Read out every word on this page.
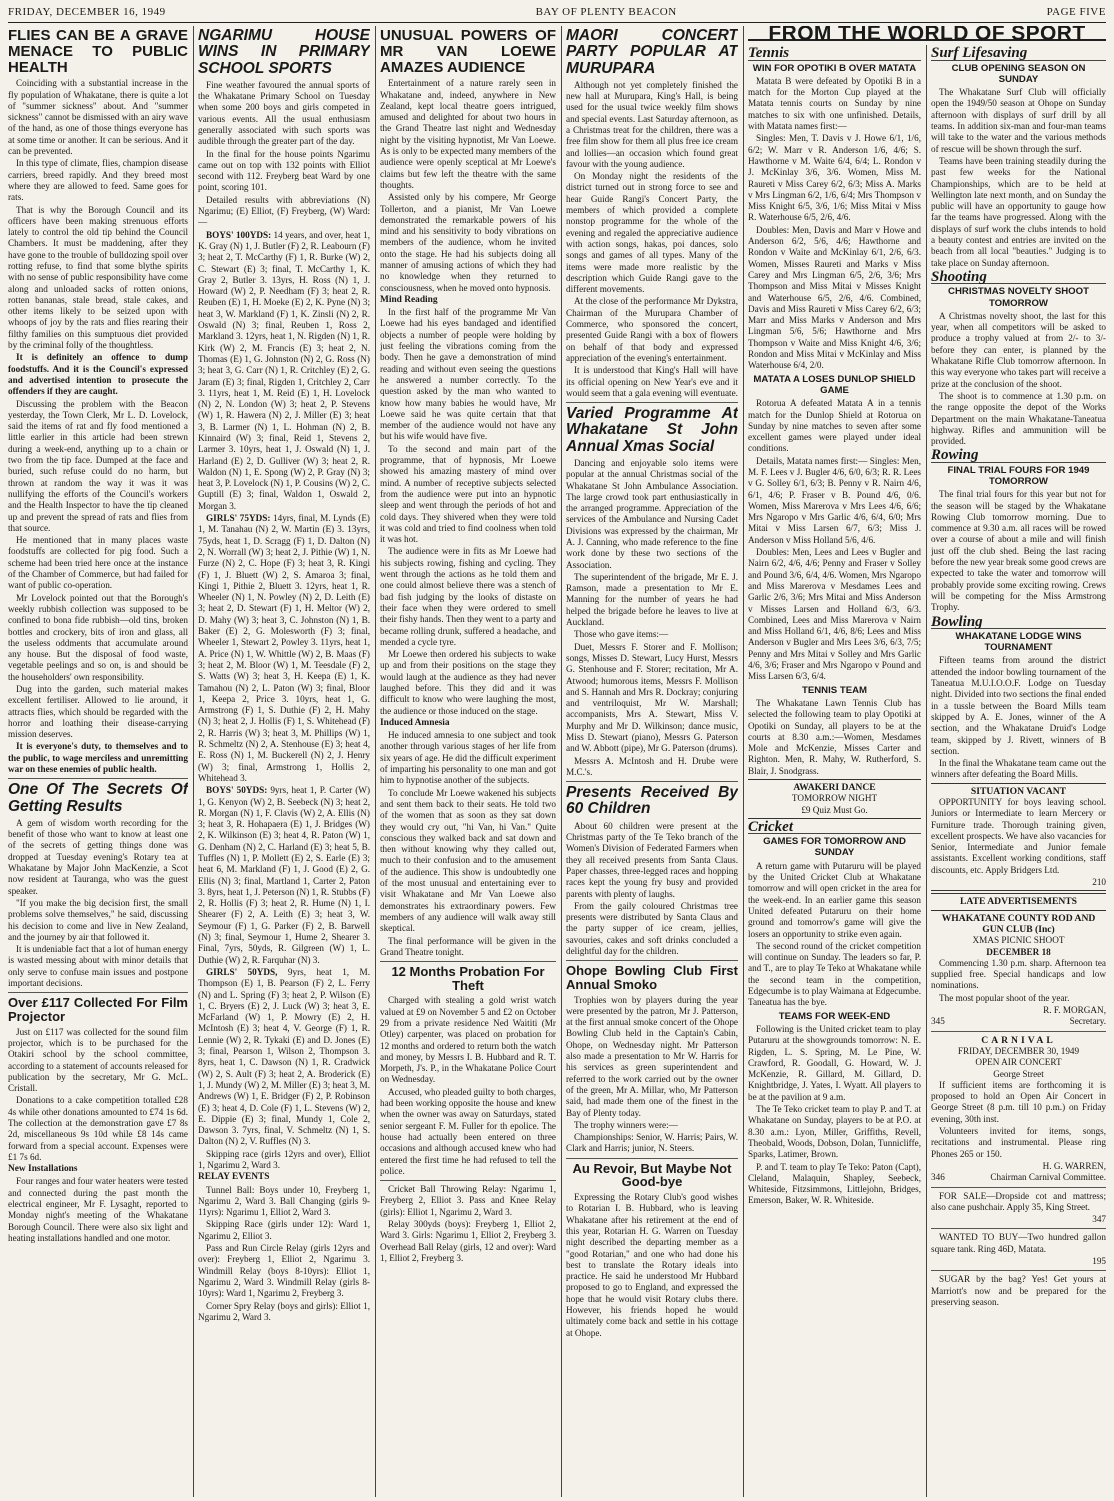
FRIDAY, DECEMBER 16, 1949	BAY OF PLENTY BEACON	PAGE FIVE
FLIES CAN BE A GRAVE MENACE TO PUBLIC HEALTH

Coinciding with a substantial increase in the fly population of Whakatane, there is quite a lot of "summer sickness" about. And "summer sickness" cannot be dismissed with an airy wave of the hand, as one of those things everyone has at some time or another. It can be serious. And it can be prevented.

In this type of climate, flies, champion disease carriers, breed rapidly. And they breed most where they are allowed to feed. Same goes for rats.

That is why the Borough Council and its officers have been making strenuous efforts lately to control the old tip behind the Council Chambers. It must be maddening, after they have gone to the trouble of bulldozing spoil over rotting refuse, to find that some blythe spirits with no sense of public responsibility have come along and unloaded sacks of rotten onions, rotten bananas, stale bread, stale cakes, and other items likely to be seized upon with whoops of joy by the rats and flies rearing their filthy families on this sumptuous diet provided by the criminal folly of the thoughtless.

It is definitely an offence to dump foodstuffs. And it is the Council's expressed and advertised intention to prosecute the offenders if they are caught.

Discussing the problem with the Beacon yesterday, the Town Clerk, Mr L. D. Lovelock, said the items of rat and fly food mentioned a little earlier in this article had been strewn during a week-end, anything up to a chain or two from the tip face. Dumped at the face and buried, such refuse could do no harm, but thrown at random the way it was it was nullifying the efforts of the Council's workers and the Health Inspector to have the tip cleaned up and prevent the spread of rats and flies from that source.

He mentioned that in many places waste foodstuffs are collected for pig food. Such a scheme had been tried here once at the instance of the Chamber of Commerce, but had failed for want of public co-operation.

Mr Lovelock pointed out that the Borough's weekly rubbish collection was supposed to be confined to bona fide rubbish—old tins, broken bottles and crockery, bits of iron and glass, all the useless oddments that accumulate around any house. But the disposal of food waste, vegetable peelings and so on, is and should be the householders' own responsibility.

Dug into the garden, such material makes excellent fertiliser. Allowed to lie around, it attracts flies, which should be regarded with the horror and loathing their disease-carrying mission deserves.

It is everyone's duty, to themselves and to the public, to wage merciless and unremitting war on these enemies of public health.

One Of The Secrets Of Getting Results

A gem of wisdom worth recording for the benefit of those who want to know at least one of the secrets of getting things done was dropped at Tuesday evening's Rotary tea at Whakatane by Major John MacKenzie, a Scot now resident at Tauranga, who was the guest speaker.

"If you make the big decision first, the small problems solve themselves," he said, discussing his decision to come and live in New Zealand, and the journey by air that followed it.

It is undeniable fact that a lot of human energy is wasted messing about with minor details that only serve to confuse main issues and postpone important decisions.

Over £117 Collected For Film Projector

Just on £117 was collected for the sound film projector, which is to be purchased for the Otakiri school by the school committee, according to a statement of accounts released for publication by the secretary, Mr G. McL. Cristall.

Donations to a cake competition totalled £28 4s while other donations amounted to £74 1s 6d. The collection at the demonstration gave £7 8s 2d, miscellaneous 9s 10d while £8 14s came forward from a special account. Expenses were £1 7s 6d.

New Installations

Four ranges and four water heaters were tested and connected during the past month the electrical engineer, Mr F. Lysaght, reported to Monday night's meeting of the Whakatane Borough Council. There were also six light and heating installations handled and one motor.

NGARIMU HOUSE WINS IN PRIMARY SCHOOL SPORTS

Fine weather favoured the annual sports of the Whakatane Primary School on Tuesday when some 200 boys and girls competed in various events. All the usual enthusiasm generally associated with such sports was audible through the greater part of the day.

In the final for the house points Ngarimu came out on top with 132 points with Elliot second with 112. Freyberg beat Ward by one point, scoring 101.

Detailed results with abbreviations (N) Ngarimu; (E) Elliot, (F) Freyberg, (W) Ward:—

BOYS' 100YDS: 14 years, and over, heat 1, K. Gray (N) 1, J. Butler (F) 2, R. Leabourn (F) 3; heat 2, T. McCarthy (F) 1, R. Burke (W) 2, C. Stewart (E) 3; final, T. McCarthy 1, K. Gray 2, Butler 3. 13yrs, H. Ross (N) 1, J. Howard (W) 2, P. Needham (F) 3; heat 2, R. Reuben (E) 1, H. Moeke (E) 2, K. Pyne (N) 3; heat 3, W. Markland (F) 1, K. Zinsli (N) 2, R. Oswald (N) 3; final, Reuben 1, Ross 2, Markland 3. 12yrs, heat 1, N. Rigden (N) 1, R. Kirk (W) 2, M. Francis (E) 3; heat 2, N. Thomas (E) 1, G. Johnston (N) 2, G. Ross (N) 3; heat 3, G. Carr (N) 1, R. Critchley (E) 2, G. Jaram (E) 3; final, Rigden 1, Critchley 2, Carr 3. 11yrs, heat 1, M. Reid (E) 1, H. Lovelock (N) 2, N. London (W) 3; heat 2, P. Stevens (W) 1, R. Hawera (N) 2, J. Miller (E) 3; heat 3, B. Larmer (N) 1, L. Hohman (N) 2, B. Kinnaird (W) 3; final, Reid 1, Stevens 2, Larmer 3. 10yrs, heat 1, J. Oswald (N) 1, J. Harland (E) 2, D. Gulliver (W) 3; heat 2, R. Waldon (N) 1, E. Spong (W) 2, P. Gray (N) 3; heat 3, P. Lovelock (N) 1, P. Cousins (W) 2, C. Guptill (E) 3; final, Waldon 1, Oswald 2, Morgan 3.

GIRLS' 75YDS: 14yrs, final, M. Lynds (E) 1, M. Tanahau (N) 2, W. Martin (E) 3. 13yrs, 75yds, heat 1, D. Scragg (F) 1, D. Dalton (N) 2, N. Worrall (W) 3; heat 2, J. Pithie (W) 1, N. Furze (N) 2, C. Hope (F) 3; heat 3, R. Kingi (F) 1, J. Bluett (W) 2, S. Amaroa 3; final, Kingi 1, Pithie 2, Bluett 3. 12yrs, heat 1, R. Wheeler (N) 1, N. Powley (N) 2, D. Leith (E) 3; heat 2, D. Stewart (F) 1, H. Meltor (W) 2, D. Mahy (W) 3; heat 3, C. Johnston (N) 1, B. Baker (E) 2, G. Molesworth (F) 3; final, Wheeler 1, Stewart 2, Powley 3. 11yrs, heat 1, A. Price (N) 1, W. Whittle (W) 2, B. Maas (F) 3; heat 2, M. Bloor (W) 1, M. Teesdale (F) 2, S. Watts (W) 3; heat 3, H. Keepa (E) 1, K. Tamahou (N) 2, L. Paton (W) 3; final, Bloor 1, Keepa 2, Price 3. 10yrs, heat 1, G. Armstrong (F) 1, S. Duthie (F) 2, H. Mahy (N) 3; heat 2, J. Hollis (F) 1, S. Whitehead (F) 2, R. Harris (W) 3; heat 3, M. Phillips (W) 1, R. Schmeltz (N) 2, A. Stenhouse (E) 3; heat 4, E. Ross (N) 1, M. Buckerell (N) 2, J. Henry (W) 3; final, Armstrong 1, Hollis 2, Whitehead 3.

BOYS' 50YDS: 9yrs, heat 1, P. Carter (W) 1, G. Kenyon (W) 2, B. Seebeck (N) 3; heat 2, R. Morgan (N) 1, F. Clavis (W) 2, A. Ellis (N) 3; heat 3, R. Hohapaera (E) 1, J. Bridges (W) 2, K. Wilkinson (E) 3; heat 4, R. Paton (W) 1, G. Denham (N) 2, C. Harland (E) 3; heat 5, B. Tuffles (N) 1, P. Mollett (E) 2, S. Earle (E) 3; heat 6, M. Markland (F) 1, J. Good (E) 2, G. Ellis (N) 3; final, Martland 1, Carter 2, Paton 3. 8yrs, heat 1, J. Peterson (N) 1, R. Stubbs (F) 2, R. Hollis (F) 3; heat 2, R. Hume (N) 1, I. Shearer (F) 2, A. Leith (E) 3; heat 3, W. Seymour (F) 1, G. Parker (F) 2, B. Barwell (N) 3; final, Seymour 1, Hume 2, Shearer 3. Final, 7yrs, 50yds, R. Gilgreen (W) 1, L. Duthie (W) 2, R. Farquhar (N) 3.

GIRLS' 50YDS, 9yrs, heat 1, M. Thompson (E) 1, B. Pearson (F) 2, L. Ferry (N) and L. Spring (F) 3; heat 2, P. Wilson (E) 1, C. Bryers (E) 2, J. Luck (W) 3; heat 3, E. McFarland (W) 1, P. Mowry (E) 2, H. McIntosh (E) 3; heat 4, V. George (F) 1, R. Lennie (W) 2, R. Tykaki (E) and D. Jones (E) 3; final, Pearson 1, Wilson 2, Thompson 3. 8yrs, heat 1, C. Dawson (N) 1, R. Cradwick (W) 2, S. Ault (F) 3; heat 2, A. Broderick (E) 1, J. Mundy (W) 2, M. Miller (E) 3; heat 3, M. Andrews (W) 1, E. Bridger (F) 2, P. Robinson (E) 3; heat 4, D. Cole (F) 1, L. Stevens (W) 2, E. Dippie (E) 3; final, Mundy 1, Cole 2, Dawson 3. 7yrs, final, V. Schmeltz (N) 1, S. Dalton (N) 2, V. Ruffles (N) 3.

Skipping race (girls 12yrs and over), Elliot 1, Ngarimu 2, Ward 3.

RELAY EVENTS

Tunnel Ball: Boys under 10, Freyberg 1, Ngarimu 2, Ward 3. Ball Changing (girls 9-11yrs): Ngarimu 1, Elliot 2, Ward 3.

Skipping Race (girls under 12): Ward 1, Ngarimu 2, Elliot 3.

Pass and Run Circle Relay (girls 12yrs and over): Freyberg 1, Elliot 2, Ngarimu 3. Windmill Relay (boys 8-10yrs): Elliot 1, Ngarimu 2, Ward 3. Windmill Relay (girls 8-10yrs): Ward 1, Ngarimu 2, Freyberg 3.

Corner Spry Relay (boys and girls): Elliot 1, Ngarimu 2, Ward 3.

UNUSUAL POWERS OF MR VAN LOEWE AMAZES AUDIENCE

Entertainment of a nature rarely seen in Whakatane and, indeed, anywhere in New Zealand, kept local theatre goers intrigued, amused and delighted for about two hours in the Grand Theatre last night and Wednesday night by the visiting hypnotist, Mr Van Loewe. As is only to be expected many members of the audience were openly sceptical at Mr Loewe's claims but few left the theatre with the same thoughts.

Assisted only by his compere, Mr George Tollerton, and a pianist, Mr Van Loewe demonstrated the remarkable powers of his mind and his sensitivity to body vibrations on members of the audience, whom he invited onto the stage. He had his subjects doing all manner of amusing actions of which they had no knowledge when they returned to consciousness, when he moved onto hypnosis.

Mind Reading

In the first half of the programme Mr Van Loewe had his eyes bandaged and identified objects a number of people were holding by just feeling the vibrations coming from the body. Then he gave a demonstration of mind reading and without even seeing the questions he answered a number correctly. To the question asked by the man who wanted to know how many babies he would have, Mr Loewe said he was quite certain that that member of the audience would not have any but his wife would have five.

To the second and main part of the programme, that of hypnosis, Mr Loewe showed his amazing mastery of mind over mind. A number of receptive subjects selected from the audience were put into an hypnotic sleep and went through the periods of hot and cold days. They shivered when they were told it was cold and tried to find coolness when told it was hot.

The audience were in fits as Mr Loewe had his subjects rowing, fishing and cycling. They went through the actions as he told them and one could almost believe there was a stench of bad fish judging by the looks of distaste on their face when they were ordered to smell their fishy hands. Then they went to a party and became rolling drunk, suffered a headache, and mended a cycle tyre.

Mr Loewe then ordered his subjects to wake up and from their positions on the stage they would laugh at the audience as they had never laughed before. This they did and it was difficult to know who were laughing the most, the audience or those induced on the stage.

Induced Amnesia

He induced amnesia to one subject and took another through various stages of her life from six years of age. He did the difficult experiment of imparting his personality to one man and got him to hypnotise another of the subjects.

To conclude Mr Loewe wakened his subjects and sent them back to their seats. He told two of the women that as soon as they sat down they would cry out, "hi Van, hi Van." Quite conscious they walked back and sat down and then without knowing why they called out, much to their confusion and to the amusement of the audience. This show is undoubtedly one of the most unusual and entertaining ever to visit Whakatane and Mr Van Loewe also demonstrates his extraordinary powers. Few members of any audience will walk away still skeptical.

The final performance will be given in the Grand Theatre tonight.

12 Months Probation For Theft

Charged with stealing a gold wrist watch valued at £9 on November 5 and £2 on October 29 from a private residence Ned Waititi (Mr Otley) carpenter, was placed on probation for 12 months and ordered to return both the watch and money, by Messrs I. B. Hubbard and R. T. Morpeth, J's. P., in the Whakatane Police Court on Wednesday.

Accused, who pleaded guilty to both charges, had been working opposite the house and knew when the owner was away on Saturdays, stated senior sergeant F. M. Fuller for th epolice. The house had actually been entered on three occasions and although accused knew who had entered the first time he had refused to tell the police.

Cricket Ball Throwing Relay: Ngarimu 1, Freyberg 2, Elliot 3. Pass and Knee Relay (girls): Elliot 1, Ngarimu 2, Ward 3.

Relay 300yds (boys): Freyberg 1, Elliot 2, Ward 3. Girls: Ngarimu 1, Elliot 2, Freyberg 3. Overhead Ball Relay (girls, 12 and over): Ward 1, Elliot 2, Freyberg 3.

MAORI CONCERT PARTY POPULAR AT MURUPARA

Although not yet completely finished the new hall at Murupara, King's Hall, is being used for the usual twice weekly film shows and special events. Last Saturday afternoon, as a Christmas treat for the children, there was a free film show for them all plus free ice cream and lollies—an occasion which found great favour with the young audience.

On Monday night the residents of the district turned out in strong force to see and hear Guide Rangi's Concert Party, the members of which provided a complete nonstop programme for the whole of the evening and regaled the appreciative audience with action songs, hakas, poi dances, solo songs and games of all types. Many of the items were made more realistic by the description which Guide Rangi gave to the different movements.

At the close of the performance Mr Dykstra, Chairman of the Murupara Chamber of Commerce, who sponsored the concert, presented Guide Rangi with a box of flowers on behalf of that body and expressed appreciation of the evening's entertainment.

It is understood that King's Hall will have its official opening on New Year's eve and it would seem that a gala evening will eventuate.

Varied Programme At Whakatane St John Annual Xmas Social

Dancing and enjoyable solo items were popular at the annual Christmas social of the Whakatane St John Ambulance Association. The large crowd took part enthusiastically in the arranged programme. Appreciation of the services of the Ambulance and Nursing Cadet Divisions was expressed by the chairman, Mr A. J. Canning, who made reference to the fine work done by these two sections of the Association.

The superintendent of the brigade, Mr E. J. Ramson, made a presentation to Mr E. Manning for the number of years he had helped the brigade before he leaves to live at Auckland.

Those who gave items:—

Duet, Messrs F. Storer and F. Mollison; songs, Misses D. Stewart, Lucy Hurst, Messrs G. Stenhouse and F. Storer; recitation, Mr A. Atwood; humorous items, Messrs F. Mollison and S. Hannah and Mrs R. Dockray; conjuring and ventriloquist, Mr W. Marshall; accompanists, Mrs A. Stewart, Miss V. Murphy and Mr D. Wilkinson; dance music, Miss D. Stewart (piano), Messrs G. Paterson and W. Abbott (pipe), Mr G. Paterson (drums).

Messrs A. McIntosh and H. Drube were M.C.'s.

Presents Received By 60 Children

About 60 children were present at the Christmas party of the Te Teko branch of the Women's Division of Federated Farmers when they all received presents from Santa Claus. Paper chasses, three-legged races and hopping races kept the young fry busy and provided parents with plenty of laughs.

From the gaily coloured Christmas tree presents were distributed by Santa Claus and the party supper of ice cream, jellies, savouries, cakes and soft drinks concluded a delightful day for the children.

Ohope Bowling Club First Annual Smoko

Trophies won by players during the year were presented by the patron, Mr J. Patterson, at the first annual smoke concert of the Ohope Bowling Club held in the Captain's Cabin, Ohope, on Wednesday night. Mr Patterson also made a presentation to Mr W. Harris for his services as green superintendent and referred to the work carried out by the owner of the green, Mr A. Millar, who, Mr Patterson said, had made them one of the finest in the Bay of Plenty today.

The trophy winners were:—

Championships: Senior, W. Harris; Pairs, W. Clark and Harris; junior, N. Steers.

Au Revoir, But Maybe Not Good-bye

Expressing the Rotary Club's good wishes to Rotarian I. B. Hubbard, who is leaving Whakatane after his retirement at the end of this year, Rotarian H. G. Warren on Tuesday night described the departing member as a "good Rotarian," and one who had done his best to translate the Rotary ideals into practice. He said he understood Mr Hubbard proposed to go to England, and expressed the hope that he would visit Rotary clubs there. However, his friends hoped he would ultimately come back and settle in his cottage at Ohope.

FROM THE WORLD OF SPORT
Tennis
WIN FOR OPOTIKI B OVER MATATA

Matata B were defeated by Opotiki B in a match for the Morton Cup played at the Matata tennis courts on Sunday by nine matches to six with one unfinished. Details, with Matata names first:—

Singles: Men, T. Davis v J. Howe 6/1, 1/6, 6/2; W. Marr v R. Anderson 1/6, 4/6; S. Hawthorne v M. Waite 6/4, 6/4; L. Rondon v J. McKinlay 3/6, 3/6. Women, Miss M. Raureti v Miss Carey 6/2, 6/3; Miss A. Marks v Mrs Lingman 6/2, 1/6, 6/4; Mrs Thompson v Miss Knight 6/5, 3/6, 1/6; Miss Mitai v Miss R. Waterhouse 6/5, 2/6, 4/6.

Doubles: Men, Davis and Marr v Howe and Anderson 6/2, 5/6, 4/6; Hawthorne and Rondon v Waite and McKinlay 6/1, 2/6, 6/3. Women, Misses Raureti and Marks v Miss Carey and Mrs Lingman 6/5, 2/6, 3/6; Mrs Thompson and Miss Mitai v Misses Knight and Waterhouse 6/5, 2/6, 4/6. Combined, Davis and Miss Raureti v Miss Carey 6/2, 6/3; Marr and Miss Marks v Anderson and Mrs Lingman 5/6, 5/6; Hawthorne and Mrs Thompson v Waite and Miss Knight 4/6, 3/6; Rondon and Miss Mitai v McKinlay and Miss Waterhouse 6/4, 2/0.

MATATA A LOSES DUNLOP SHIELD GAME

Rotorua A defeated Matata A in a tennis match for the Dunlop Shield at Rotorua on Sunday by nine matches to seven after some excellent games were played under ideal conditions.

Details, Matata names first:— Singles: Men, M. F. Lees v J. Bugler 4/6, 6/0, 6/3; R. R. Lees v G. Solley 6/1, 6/3; B. Penny v R. Nairn 4/6, 6/1, 4/6; P. Fraser v B. Pound 4/6, 0/6. Women, Miss Marerova v Mrs Lees 4/6, 6/6; Mrs Ngaropo v Mrs Garlic 4/6, 6/4, 6/0; Mrs Mitai v Miss Larsen 6/7, 6/3; Miss J. Anderson v Miss Holland 5/6, 4/6.

Doubles: Men, Lees and Lees v Bugler and Nairn 6/2, 4/6, 4/6; Penny and Fraser v Solley and Pound 3/6, 6/4, 4/6. Women, Mrs Ngaropo and Miss Marerova v Mesdames Lees and Garlic 2/6, 3/6; Mrs Mitai and Miss Anderson v Misses Larsen and Holland 6/3, 6/3. Combined, Lees and Miss Marerova v Nairn and Miss Holland 6/1, 4/6, 8/6; Lees and Miss Anderson v Bugler and Mrs Lees 3/6, 6/3, 7/5; Penny and Mrs Mitai v Solley and Mrs Garlic 4/6, 3/6; Fraser and Mrs Ngaropo v Pound and Miss Larsen 6/3, 6/4.

TENNIS TEAM

The Whakatane Lawn Tennis Club has selected the following team to play Opotiki at Opotiki on Sunday, all players to be at the courts at 8.30 a.m.:—Women, Mesdames Mole and McKenzie, Misses Carter and Righton. Men, R. Mahy, W. Rutherford, S. Blair, J. Snodgrass.

AWAKERI DANCE
TOMORROW NIGHT
£9 Quiz Must Go.
Cricket
GAMES FOR TOMORROW AND SUNDAY

A return game with Putaruru will be played by the United Cricket Club at Whakatane tomorrow and will open cricket in the area for the week-end. In an earlier game this season United defeated Putaruru on their home ground and tomorrow's game will give the losers an opportunity to strike even again.

The second round of the cricket competition will continue on Sunday. The leaders so far, P. and T., are to play Te Teko at Whakatane while the second team in the competition, Edgecumbe is to play Waimana at Edgecumbe. Taneatua has the bye.

TEAMS FOR WEEK-END

Following is the United cricket team to play Putaruru at the showgrounds tomorrow: N. E. Rigden, L. S. Spring, M. Le Pine, W. Crawford, R. Goodall, G. Howard, W. J. McKenzie, R. Gillard, M. Gillard, D. Knightbridge, J. Yates, I. Wyatt. All players to be at the pavilion at 9 a.m.

The Te Teko cricket team to play P. and T. at Whakatane on Sunday, players to be at P.O. at 8.30 a.m.: Lyon, Miller, Griffiths, Revell, Theobald, Woods, Dobson, Dolan, Tunnicliffe, Sparks, Latimer, Brown.

P. and T. team to play Te Teko: Paton (Capt), Cleland, Malaquin, Shapley, Seebeck, Whiteside, Fitzsimmons, Littlejohn, Bridges, Emerson, Baker, W. R. Whiteside.

Surf Lifesaving
CLUB OPENING SEASON ON SUNDAY

The Whakatane Surf Club will officially open the 1949/50 season at Ohope on Sunday afternoon with displays of surf drill by all teams. In addition six-man and four-man teams will take to the water and the various methods of rescue will be shown through the surf.

Teams have been training steadily during the past few weeks for the National Championships, which are to be held at Wellington late next month, and on Sunday the public will have an opportunity to gauge how far the teams have progressed. Along with the displays of surf work the clubs intends to hold a beauty contest and entries are invited on the beach from all local "beauties." Judging is to take place on Sunday afternoon.

Shooting
CHRISTMAS NOVELTY SHOOT TOMORROW

A Christmas novelty shoot, the last for this year, when all competitors will be asked to produce a trophy valued at from 2/- to 3/- before they can enter, is planned by the Whakatane Rifle Club tomorrow afternoon. In this way everyone who takes part will receive a prize at the conclusion of the shoot.

The shoot is to commence at 1.30 p.m. on the range opposite the depot of the Works Department on the main Whakatane-Taneatua highway. Rifles and ammunition will be provided.

Rowing
FINAL TRIAL FOURS FOR 1949 TOMORROW

The final trial fours for this year but not for the season will be staged by the Whakatane Rowing Club tomorrow morning. Due to commence at 9.30 a.m. all races will be rowed over a course of about a mile and will finish just off the club shed. Being the last racing before the new year break some good crews are expected to take the water and tomorrow will probably provide some exciting rowing. Crews will be competing for the Miss Armstrong Trophy.

Bowling
WHAKATANE LODGE WINS TOURNAMENT

Fifteen teams from around the district attended the indoor bowling tournament of the Taneatua M.U.I.O.O.F. Lodge on Tuesday night. Divided into two sections the final ended in a tussle between the Board Mills team skipped by A. E. Jones, winner of the A section, and the Whakatane Druid's Lodge team, skipped by J. Rivett, winners of B section.

In the final the Whakatane team came out the winners after defeating the Board Mills.

SITUATION VACANT

OPPORTUNITY for boys leaving school. Juniors or Intermediate to learn Mercery or Furniture trade. Thorough training given, excellent prospects. We have also vacancies for Senior, Intermediate and Junior female assistants. Excellent working conditions, staff discounts, etc. Apply Bridgers Ltd.

210
LATE ADVERTISEMENTS
WHAKATANE COUNTY ROD AND GUN CLUB (Inc)
XMAS PICNIC SHOOT
DECEMBER 18

Commencing 1.30 p.m. sharp. Afternoon tea supplied free. Special handicaps and low nominations.

The most popular shoot of the year.

R. F. MORGAN,
345	Secretary.
CARNIVAL
FRIDAY, DECEMBER 30, 1949
OPEN AIR CONCERT
George Street

If sufficient items are forthcoming it is proposed to hold an Open Air Concert in George Street (8 p.m. till 10 p.m.) on Friday evening, 30th inst.

Volunteers invited for items, songs, recitations and instrumental. Please ring Phones 265 or 150.

H. G. WARREN,
346	Chairman Carnival Committee.

FOR SALE—Dropside cot and mattress; also cane pushchair. Apply 35, King Street.

347

WANTED TO BUY—Two hundred gallon square tank. Ring 46D, Matata.

195

SUGAR by the bag? Yes! Get yours at Marriott's now and be prepared for the preserving season.
